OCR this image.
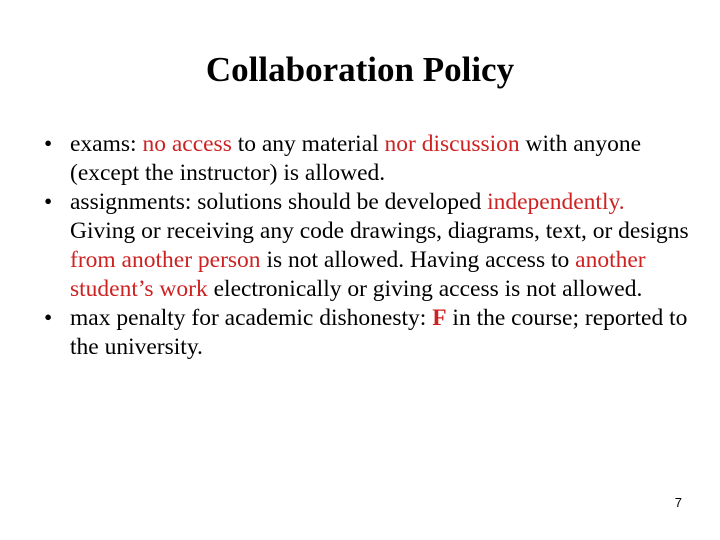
Collaboration Policy
• exams: no access to any material nor discussion with anyone (except the instructor) is allowed.
• assignments: solutions should be developed independently. Giving or receiving any code drawings, diagrams, text, or designs from another person is not allowed. Having access to another student’s work electronically or giving access is not allowed.
• max penalty for academic dishonesty: F in the course; reported to the university.
7
